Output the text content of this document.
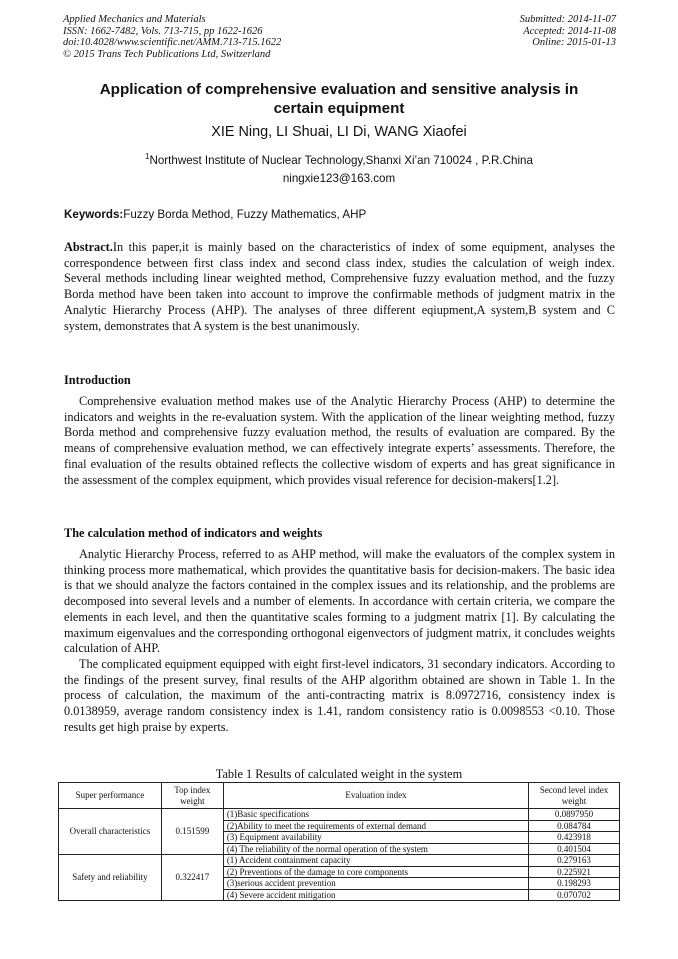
Applied Mechanics and Materials
ISSN: 1662-7482, Vols. 713-715, pp 1622-1626
doi:10.4028/www.scientific.net/AMM.713-715.1622
© 2015 Trans Tech Publications Ltd, Switzerland
Submitted: 2014-11-07
Accepted: 2014-11-08
Online: 2015-01-13
Application of comprehensive evaluation and sensitive analysis in
certain equipment
XIE Ning, LI Shuai, LI Di, WANG Xiaofei
$^1$Northwest Institute of Nuclear Technology,Shanxi Xi’an 710024 , P.R.China
ningxie123@163.com
Keywords:Fuzzy Borda Method, Fuzzy Mathematics, AHP

Abstract.In this paper,it is mainly based on the characteristics of index of some equipment, analyses the correspondence between first class index and second class index, studies the calculation of weigh index. Several methods including linear weighted method, Comprehensive fuzzy evaluation method, and the fuzzy Borda method have been taken into account to improve the confirmable methods of judgment matrix in the Analytic Hierarchy Process (AHP). The analyses of three different eqiupment,A system,B system and C system, demonstrates that A system is the best unanimously.

Introduction

Comprehensive evaluation method makes use of the Analytic Hierarchy Process (AHP) to determine the indicators and weights in the re-evaluation system. With the application of the linear weighting method, fuzzy Borda method and comprehensive fuzzy evaluation method, the results of evaluation are compared. By the means of comprehensive evaluation method, we can effectively integrate experts’ assessments. Therefore, the final evaluation of the results obtained reflects the collective wisdom of experts and has great significance in the assessment of the complex equipment, which provides visual reference for decision-makers[1.2].

The calculation method of indicators and weights

Analytic Hierarchy Process, referred to as AHP method, will make the evaluators of the complex system in thinking process more mathematical, which provides the quantitative basis for decision-makers. The basic idea is that we should analyze the factors contained in the complex issues and its relationship, and the problems are decomposed into several levels and a number of elements. In accordance with certain criteria, we compare the elements in each level, and then the quantitative scales forming to a judgment matrix [1]. By calculating the maximum eigenvalues and the corresponding orthogonal eigenvectors of judgment matrix, it concludes weights calculation of AHP.

The complicated equipment equipped with eight first-level indicators, 31 secondary indicators. According to the findings of the present survey, final results of the AHP algorithm obtained are shown in Table 1. In the process of calculation, the maximum of the anti-contracting matrix is 8.0972716, consistency index is 0.0138959, average random consistency index is 1.41, random consistency ratio is 0.0098553 <0.10. Those results get high praise by experts.

Table 1 Results of calculated weight in the system
Super performance	Top index weight	Evaluation index	Second level index weight
Overall characteristics	0.151599	(1)Basic specifications	0.0897950
		(2)Ability to meet the requirements of external demand	0.084784
		(3) Equipment availability	0.423918
		(4) The reliability of the normal operation of the system	0.401504
Safety and reliability	0.322417	(1) Accident containment capacity	0.279163
		(2) Preventions of the damage to core components	0.225921
		(3)serious accident prevention	0.198293
		(4) Severe accident mitigation	0.070702
